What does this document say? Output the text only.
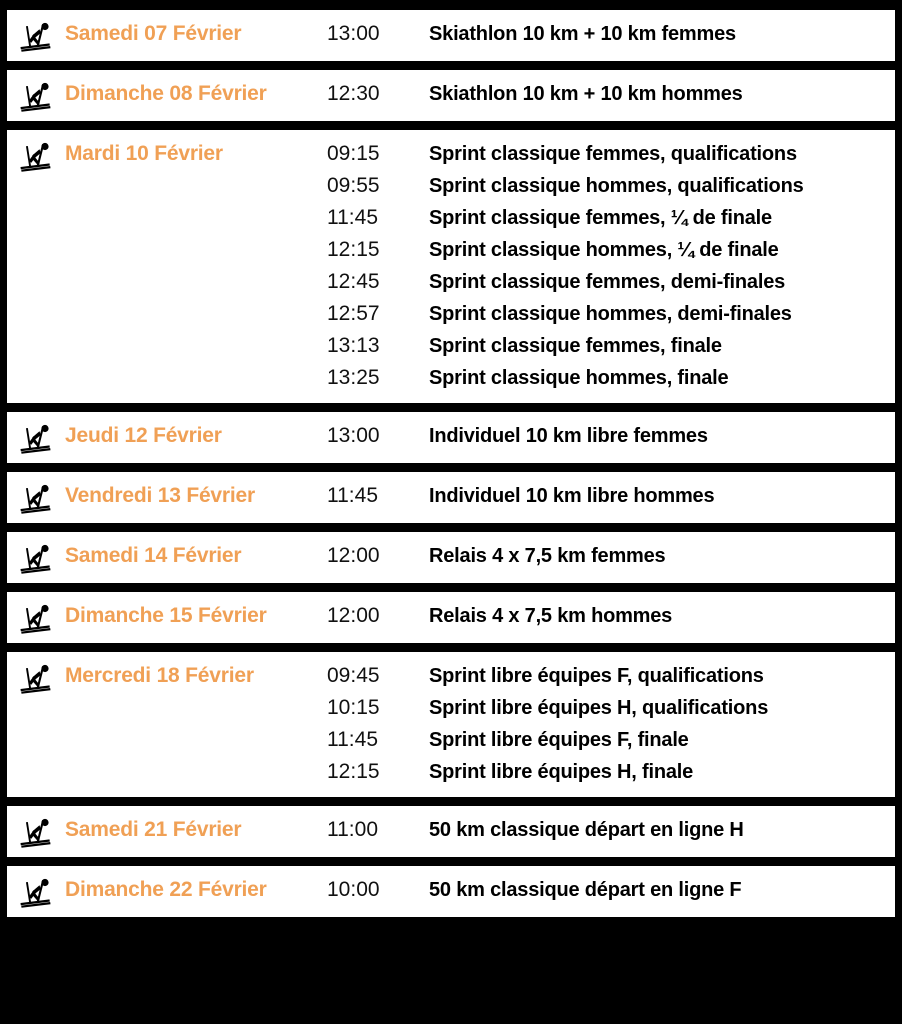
Samedi 07 Février	13:00	Skiathlon 10 km + 10 km femmes
Dimanche 08 Février	12:30	Skiathlon 10 km + 10 km hommes
Mardi 10 Février	09:15	Sprint classique femmes, qualifications
09:55	Sprint classique hommes, qualifications
11:45	Sprint classique femmes, ¼ de finale
12:15	Sprint classique hommes, ¼ de finale
12:45	Sprint classique femmes, demi-finales
12:57	Sprint classique hommes, demi-finales
13:13	Sprint classique femmes, finale
13:25	Sprint classique hommes, finale
Jeudi 12 Février	13:00	Individuel 10 km libre femmes
Vendredi 13 Février	11:45	Individuel 10 km libre hommes
Samedi 14 Février	12:00	Relais 4 x 7,5 km femmes
Dimanche 15 Février	12:00	Relais 4 x 7,5 km hommes
Mercredi 18 Février	09:45	Sprint libre équipes F, qualifications
10:15	Sprint libre équipes H, qualifications
11:45	Sprint libre équipes F, finale
12:15	Sprint libre équipes H, finale
Samedi 21 Février	11:00	50 km classique départ en ligne H
Dimanche 22 Février	10:00	50 km classique départ en ligne F
